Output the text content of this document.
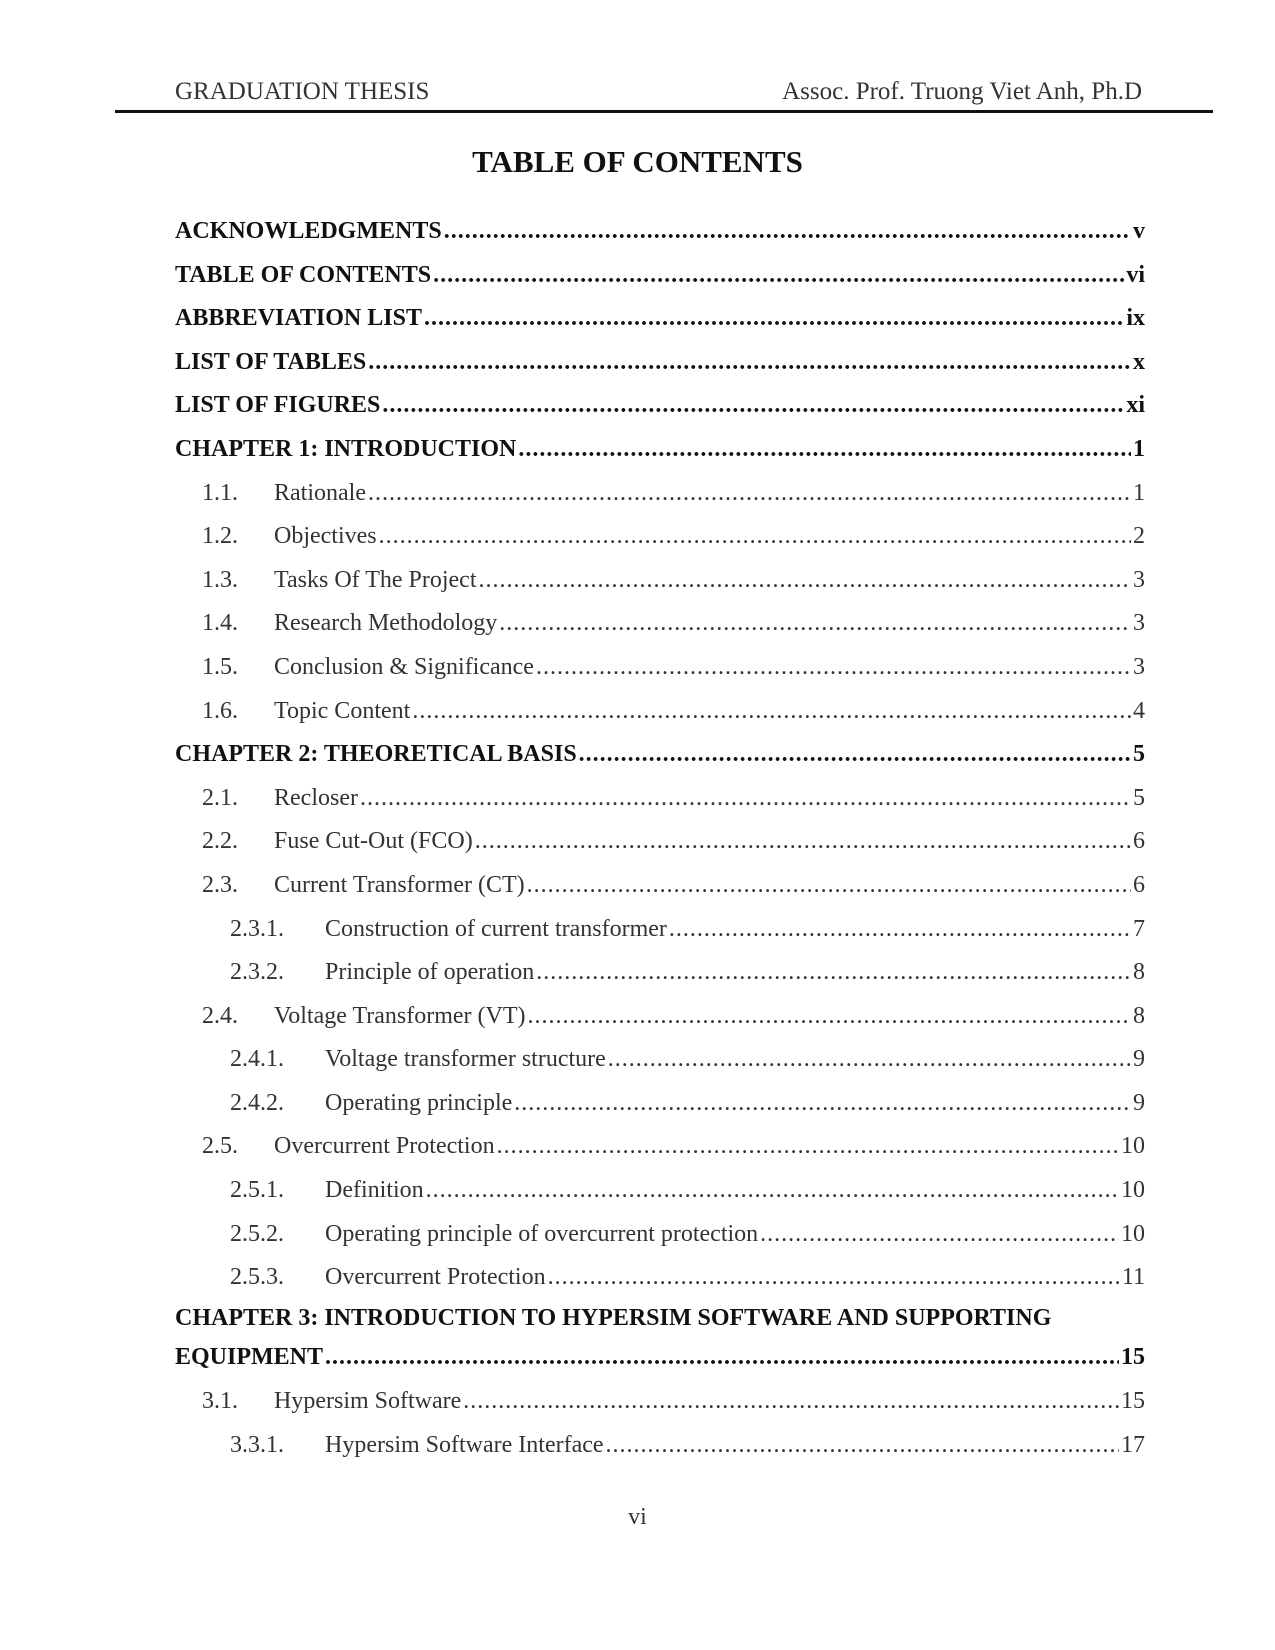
GRADUATION THESIS	Assoc. Prof. Truong Viet Anh, Ph.D
TABLE OF CONTENTS
ACKNOWLEDGMENTS .....	v
TABLE OF CONTENTS .....	vi
ABBREVIATION LIST .....	ix
LIST OF TABLES .....	x
LIST OF FIGURES .....	xi
CHAPTER 1: INTRODUCTION .....	1
1.1.	Rationale .....	1
1.2.	Objectives .....	2
1.3.	Tasks Of The Project .....	3
1.4.	Research Methodology .....	3
1.5.	Conclusion & Significance .....	3
1.6.	Topic Content .....	4
CHAPTER 2: THEORETICAL BASIS .....	5
2.1.	Recloser .....	5
2.2.	Fuse Cut-Out (FCO) .....	6
2.3.	Current Transformer (CT) .....	6
2.3.1.	Construction of current transformer .....	7
2.3.2.	Principle of operation .....	8
2.4.	Voltage Transformer (VT) .....	8
2.4.1.	Voltage transformer structure .....	9
2.4.2.	Operating principle .....	9
2.5.	Overcurrent Protection .....	10
2.5.1.	Definition .....	10
2.5.2.	Operating principle of overcurrent protection .....	10
2.5.3.	Overcurrent Protection .....	11
CHAPTER 3: INTRODUCTION TO HYPERSIM SOFTWARE AND SUPPORTING
EQUIPMENT .....	15
3.1.	Hypersim Software .....	15
3.3.1.	Hypersim Software Interface .....	17
vi
